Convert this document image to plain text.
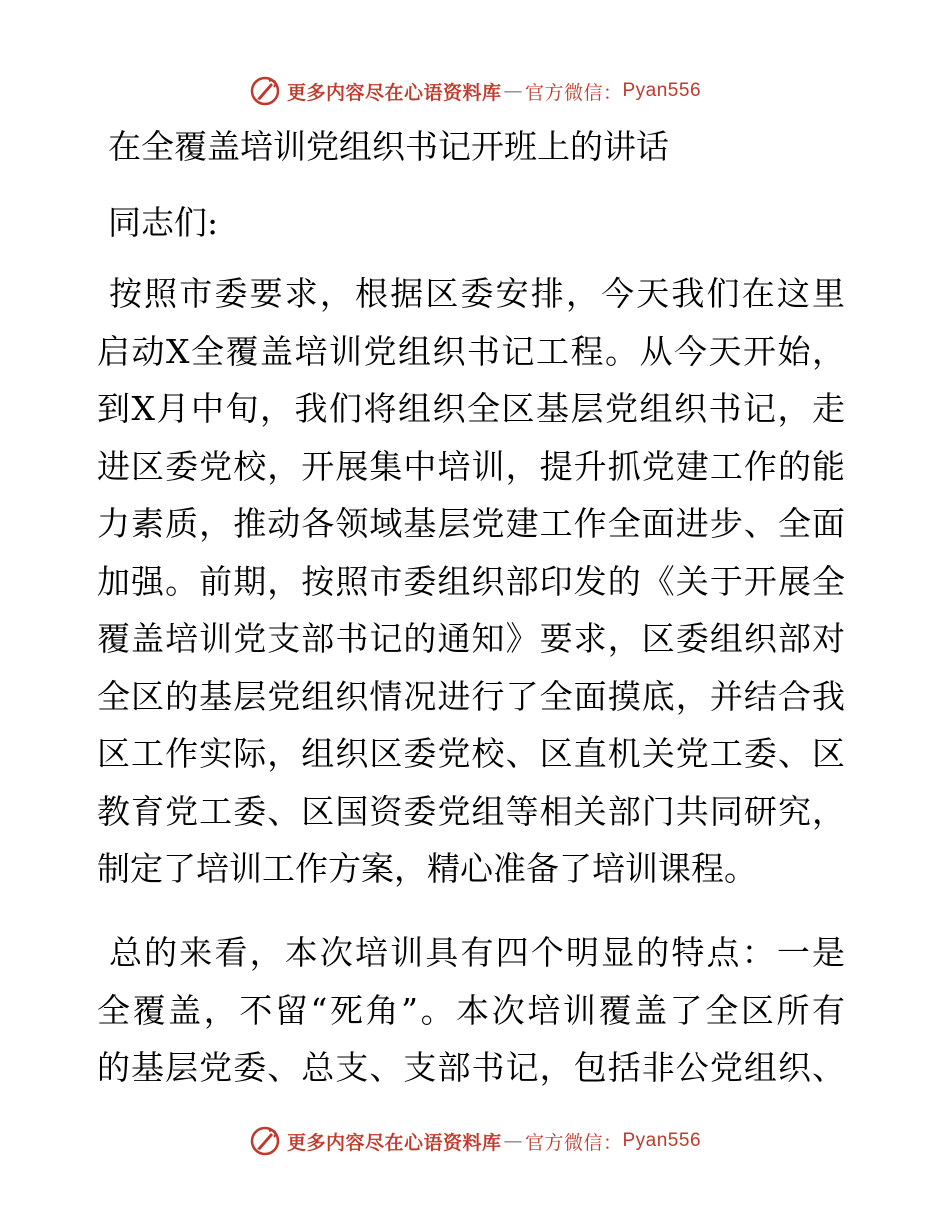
更多内容尽在心语资料库 — 官方微信： Pyan556
在全覆盖培训党组织书记开班上的讲话
同志们:
按照市委要求，根据区委安排，今天我们在这里
启动X全覆盖培训党组织书记工程。从今天开始，
到X月中旬，我们将组织全区基层党组织书记，走
进区委党校，开展集中培训，提升抓党建工作的能
力素质，推动各领域基层党建工作全面进步、全面
加强。前期，按照市委组织部印发的《关于开展全
覆盖培训党支部书记的通知》要求，区委组织部对
全区的基层党组织情况进行了全面摸底，并结合我
区工作实际，组织区委党校、区直机关党工委、区
教育党工委、区国资委党组等相关部门共同研究，
制定了培训工作方案，精心准备了培训课程。
总的来看，本次培训具有四个明显的特点：一是
全覆盖，不留“死角”。本次培训覆盖了全区所有
的基层党委、总支、支部书记，包括非公党组织、
更多内容尽在心语资料库 — 官方微信： Pyan556
